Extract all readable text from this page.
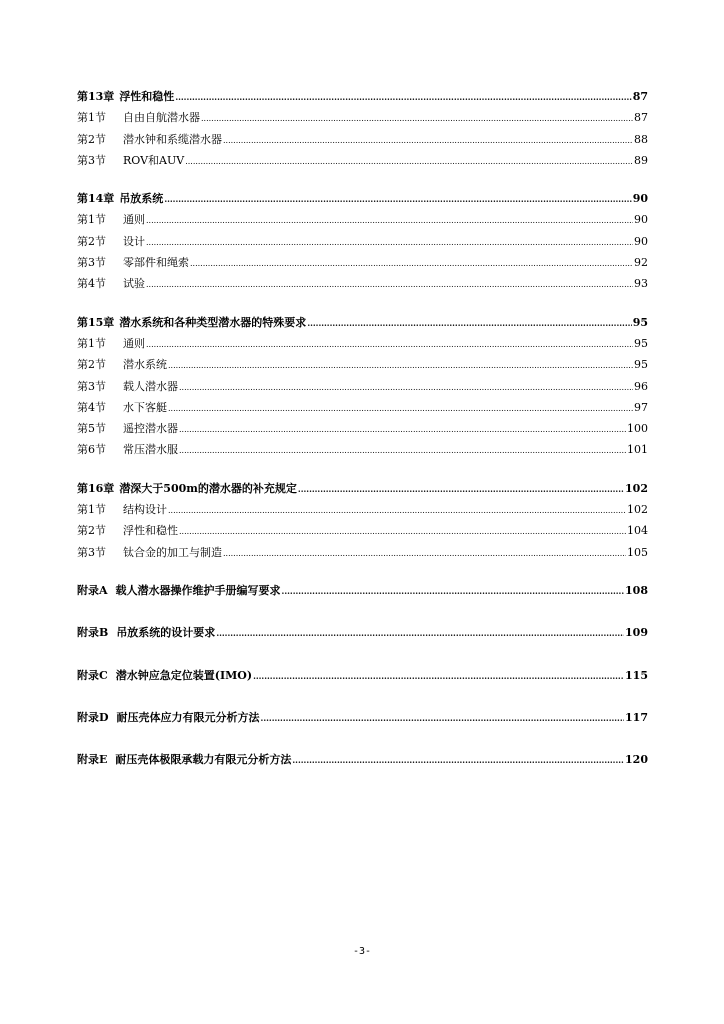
第13章 浮性和稳性 .....	87
第1节	自由自航潜水器 .....	87
第2节	潜水钟和系缆潜水器 .....	88
第3节	ROV和AUV .....	89
第14章 吊放系统 .....	90
第1节	通则 .....	90
第2节	设计 .....	90
第3节	零部件和绳索 .....	92
第4节	试验 .....	93
第15章 潜水系统和各种类型潜水器的特殊要求 .....	95
第1节	通则 .....	95
第2节	潜水系统 .....	95
第3节	载人潜水器 .....	96
第4节	水下客艇 .....	97
第5节	遥控潜水器 .....	100
第6节	常压潜水服 .....	101
第16章 潜深大于500m的潜水器的补充规定 .....	102
第1节	结构设计 .....	102
第2节	浮性和稳性 .....	104
第3节	钛合金的加工与制造 .....	105
附录A 载人潜水器操作维护手册编写要求 .....	108
附录B 吊放系统的设计要求 .....	109
附录C 潜水钟应急定位装置(IMO) .....	115
附录D 耐压壳体应力有限元分析方法 .....	117
附录E 耐压壳体极限承载力有限元分析方法 .....	120
-3-
